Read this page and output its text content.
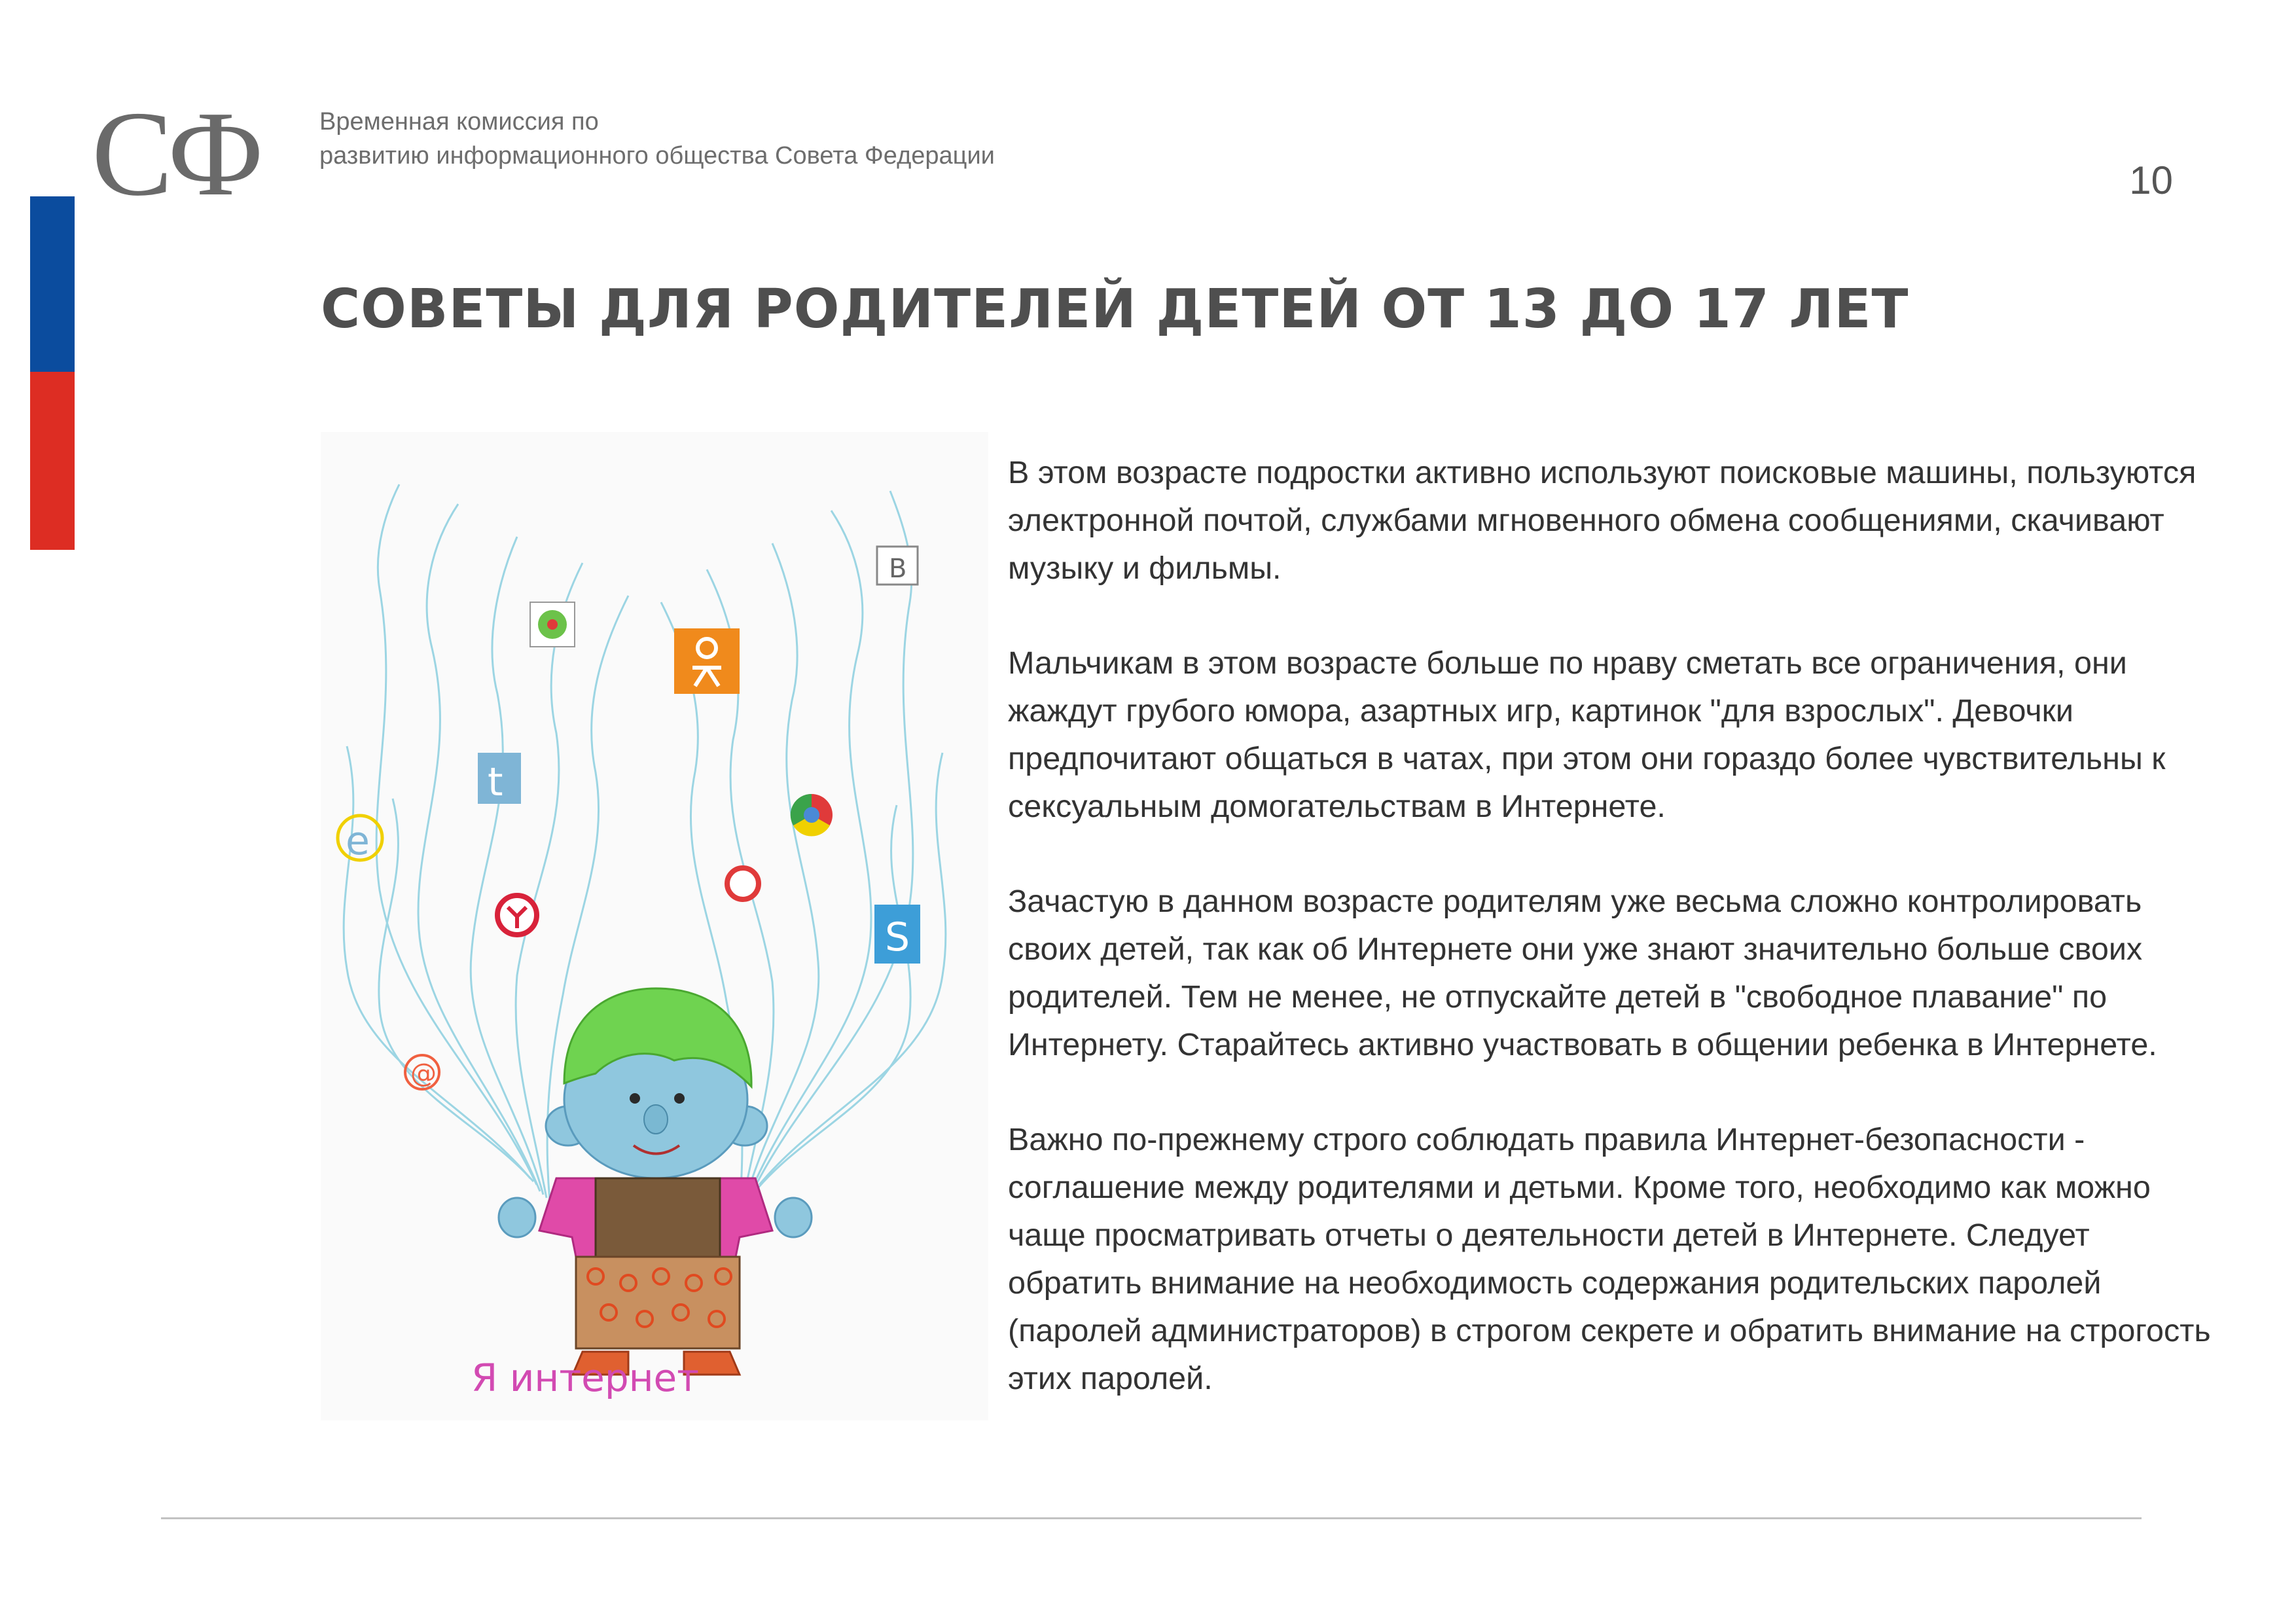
СФ	Временная комиссия по
развитию информационного общества Совета Федерации
10
СОВЕТЫ ДЛЯ РОДИТЕЛЕЙ ДЕТЕЙ ОТ 13 ДО 17 ЛЕТ
B
t
e
S
@
Я интернет

В этом возрасте подростки активно используют поисковые машины, пользуются электронной почтой, службами мгновенного обмена сообщениями, скачивают музыку и фильмы.

Мальчикам в этом возрасте больше по нраву сметать все ограничения, они жаждут грубого юмора, азартных игр, картинок "для взрослых". Девочки предпочитают общаться в чатах, при этом они гораздо более чувствительны к сексуальным домогательствам в Интернете.

Зачастую в данном возрасте родителям уже весьма сложно контролировать своих детей, так как об Интернете они уже знают значительно больше своих родителей. Тем не менее, не отпускайте детей в "свободное плавание" по Интернету. Старайтесь активно участвовать в общении ребенка в Интернете.

Важно по-прежнему строго соблюдать правила Интернет-безопасности - соглашение между родителями и детьми. Кроме того, необходимо как можно чаще просматривать отчеты о деятельности детей в Интернете. Следует обратить внимание на необходимость содержания родительских паролей (паролей администраторов) в строгом секрете и обратить внимание на строгость этих паролей.
